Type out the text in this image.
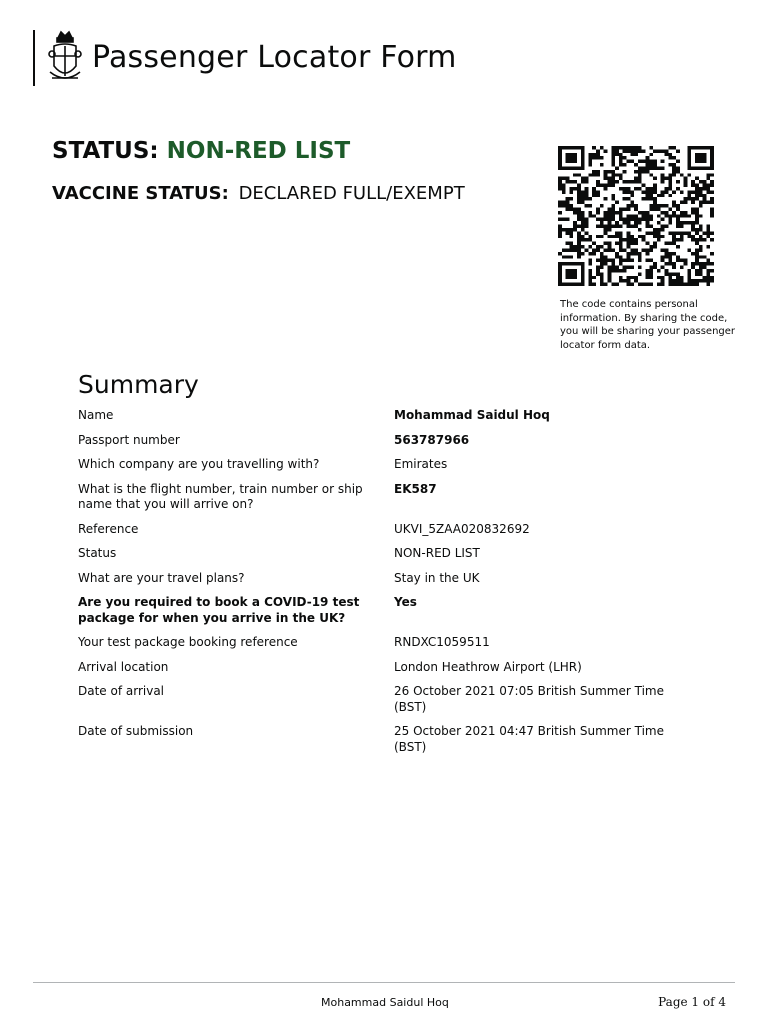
Passenger Locator Form
STATUS: NON-RED LIST
VACCINE STATUS: DECLARED FULL/EXEMPT
The code contains personal information. By sharing the code, you will be sharing your passenger locator form data.
Summary
Name	Mohammad Saidul Hoq
Passport number	563787966
Which company are you travelling with?	Emirates
What is the flight number, train number or ship name that you will arrive on?	EK587
Reference	UKVI_5ZAA020832692
Status	NON-RED LIST
What are your travel plans?	Stay in the UK
Are you required to book a COVID-19 test package for when you arrive in the UK?	Yes
Your test package booking reference	RNDXC1059511
Arrival location	London Heathrow Airport (LHR)
Date of arrival	26 October 2021 07:05 British Summer Time (BST)
Date of submission	25 October 2021 04:47 British Summer Time (BST)
Mohammad Saidul Hoq	Page 1 of 4
